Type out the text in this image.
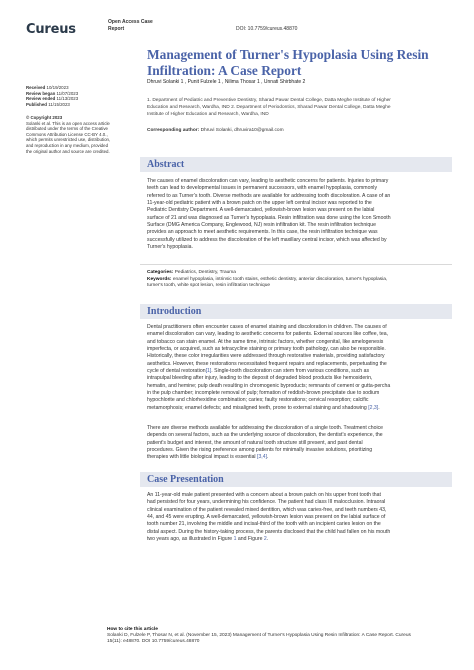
Cureus	Open Access Case
Report	DOI: 10.7759/cureus.48870
Management of Turner's Hypoplasia Using Resin
Infiltration: A Case Report
Dhruvi Solanki 1 , Punit Fulzele 1 , Nilima Thosar 1 , Unnati Shirbhate 2
1. Department of Pediatric and Preventive Dentistry, Sharad Pawar Dental College, Datta Meghe Institute of Higher
Education and Research, Wardha, IND 2. Department of Periodontics, Sharad Pawar Dental College, Datta Meghe
Institute of Higher Education and Research, Wardha, IND
Corresponding author: Dhruvi Solanki, dhruvira10@gmail.com
Received 10/19/2023
Review began 11/07/2023
Review ended 11/13/2023
Published 11/15/2023
© Copyright 2023
Solanki et al. This is an open access article
distributed under the terms of the Creative
Commons Attribution License CC-BY 4.0.,
which permits unrestricted use, distribution,
and reproduction in any medium, provided
the original author and source are credited.
Abstract
The causes of enamel discoloration can vary, leading to aesthetic concerns for patients. Injuries to primary
teeth can lead to developmental issues in permanent successors, with enamel hypoplasia, commonly
referred to as Turner's tooth. Diverse methods are available for addressing tooth discoloration. A case of an
11-year-old pediatric patient with a brown patch on the upper left central incisor was reported to the
Pediatric Dentistry Department. A well-demarcated, yellowish-brown lesion was present on the labial
surface of 21 and was diagnosed as Turner's hypoplasia. Resin infiltration was done using the Icon Smooth
Surface (DMG America Company, Englewood, NJ) resin infiltration kit. The resin infiltration technique
provides an approach to meet aesthetic requirements. In this case, the resin infiltration technique was
successfully utilized to address the discoloration of the left maxillary central incisor, which was affected by
Turner's hypoplasia.
Categories: Pediatrics, Dentistry, Trauma
Keywords: enamel hypoplasia, intrinsic tooth stains, esthetic dentistry, anterior discoloration, turner's hypoplasia,
turner's tooth, white spot lesion, resin infiltration technique
Introduction
Dental practitioners often encounter cases of enamel staining and discoloration in children. The causes of
enamel discoloration can vary, leading to aesthetic concerns for patients. External sources like coffee, tea,
and tobacco can stain enamel. At the same time, intrinsic factors, whether congenital, like amelogenesis
imperfecta, or acquired, such as tetracycline staining or primary tooth pathology, can also be responsible.
Historically, these color irregularities were addressed through restorative materials, providing satisfactory
aesthetics. However, these restorations necessitated frequent repairs and replacements, perpetuating the
cycle of dental restoration[1]. Single-tooth discoloration can stem from various conditions, such as
intrapulpal bleeding after injury, leading to the deposit of degraded blood products like hemosiderin,
hematin, and hemine; pulp death resulting in chromogenic byproducts; remnants of cement or gutta-percha
in the pulp chamber; incomplete removal of pulp; formation of reddish-brown precipitate due to sodium
hypochlorite and chlorhexidine combination; caries; faulty restorations; cervical resorption; calcific
metamorphosis; enamel defects; and misaligned teeth, prone to external staining and shadowing [2,3].
There are diverse methods available for addressing the discoloration of a single tooth. Treatment choice
depends on several factors, such as the underlying source of discoloration, the dentist's experience, the
patient's budget and interest, the amount of natural tooth structure still present, and past dental
procedures. Given the rising preference among patients for minimally invasive solutions, prioritizing
therapies with little biological impact is essential [3,4].
Case Presentation
An 11-year-old male patient presented with a concern about a brown patch on his upper front tooth that
had persisted for four years, undermining his confidence. The patient had class III malocclusion. Intraoral
clinical examination of the patient revealed mixed dentition, which was caries-free, and teeth numbers 43,
44, and 45 were erupting. A well-demarcated, yellowish-brown lesion was present on the labial surface of
tooth number 21, involving the middle and incisal-third of the tooth with an incipient caries lesion on the
distal aspect. During the history-taking process, the parents disclosed that the child had fallen on his mouth
two years ago, as illustrated in Figure 1 and Figure 2.
How to cite this article
Solanki D, Fulzele P, Thosar N, et al. (November 15, 2023) Management of Turner's Hypoplasia Using Resin Infiltration: A Case Report. Cureus
15(11): e48870. DOI 10.7759/cureus.48870
